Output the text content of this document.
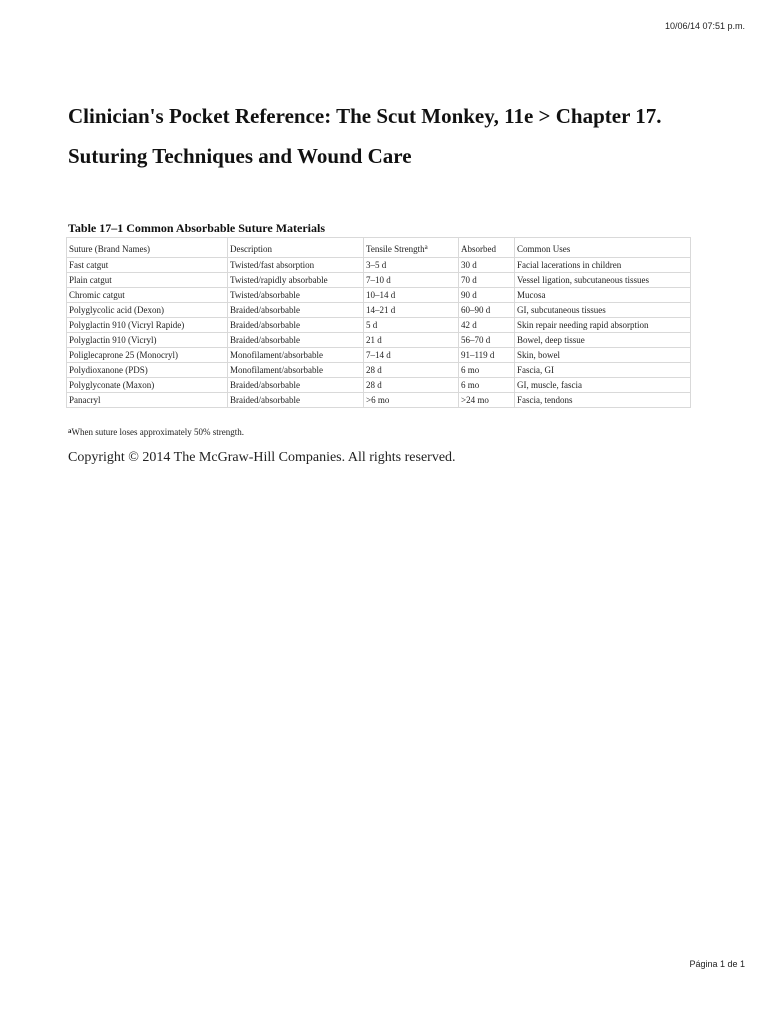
10/06/14 07:51 p.m.
Clinician's Pocket Reference: The Scut Monkey, 11e > Chapter 17. Suturing Techniques and Wound Care
Table 17–1 Common Absorbable Suture Materials
Suture (Brand Names)	Description	Tensile Strength$^a$	Absorbed	Common Uses
Fast catgut	Twisted/fast absorption	3–5 d	30 d	Facial lacerations in children
Plain catgut	Twisted/rapidly absorbable	7–10 d	70 d	Vessel ligation, subcutaneous tissues
Chromic catgut	Twisted/absorbable	10–14 d	90 d	Mucosa
Polyglycolic acid (Dexon)	Braided/absorbable	14–21 d	60–90 d	GI, subcutaneous tissues
Polyglactin 910 (Vicryl Rapide)	Braided/absorbable	5 d	42 d	Skin repair needing rapid absorption
Polyglactin 910 (Vicryl)	Braided/absorbable	21 d	56–70 d	Bowel, deep tissue
Poliglecaprone 25 (Monocryl)	Monofilament/absorbable	7–14 d	91–119 d	Skin, bowel
Polydioxanone (PDS)	Monofilament/absorbable	28 d	6 mo	Fascia, GI
Polyglyconate (Maxon)	Braided/absorbable	28 d	6 mo	GI, muscle, fascia
Panacryl	Braided/absorbable	>6 mo	>24 mo	Fascia, tendons

$^a$When suture loses approximately 50% strength.

Copyright © 2014 The McGraw-Hill Companies. All rights reserved.

Página 1 de 1
